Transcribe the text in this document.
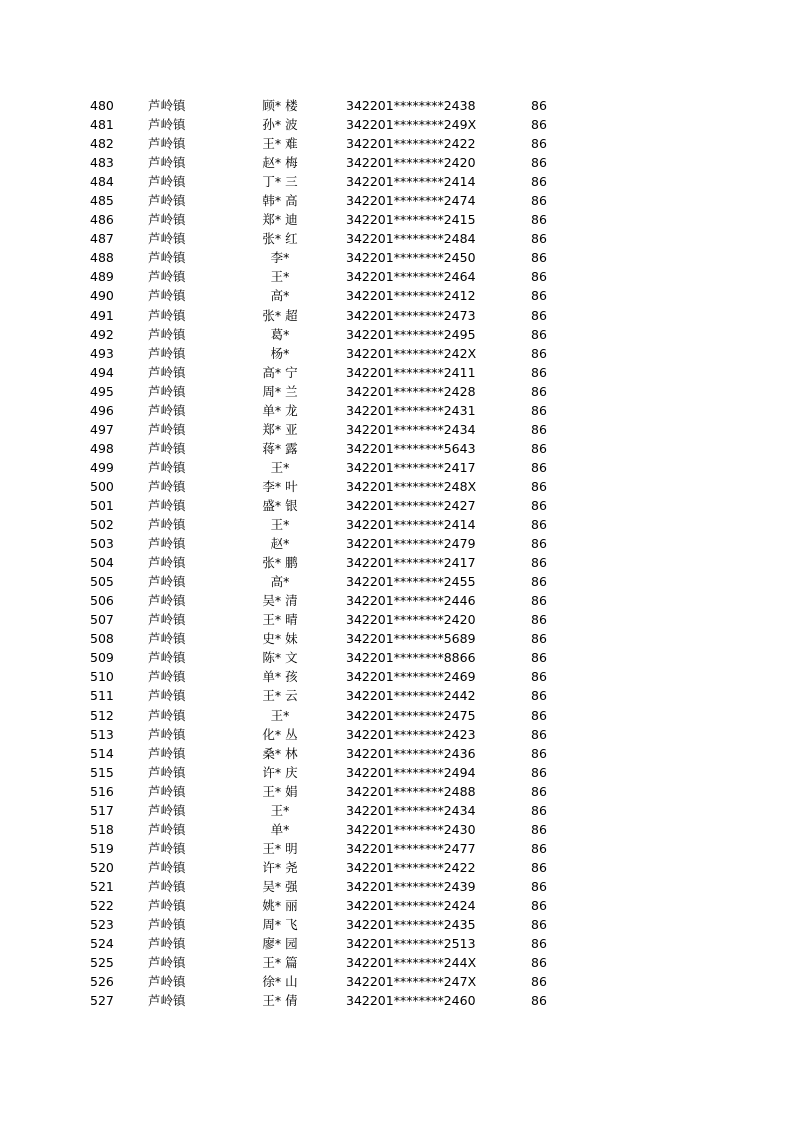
480	芦岭镇	顾* 楼	342201********2438	86
481	芦岭镇	孙* 波	342201********249X	86
482	芦岭镇	王* 难	342201********2422	86
483	芦岭镇	赵* 梅	342201********2420	86
484	芦岭镇	丁* 三	342201********2414	86
485	芦岭镇	韩* 高	342201********2474	86
486	芦岭镇	郑* 迪	342201********2415	86
487	芦岭镇	张* 红	342201********2484	86
488	芦岭镇	李*	342201********2450	86
489	芦岭镇	王*	342201********2464	86
490	芦岭镇	高*	342201********2412	86
491	芦岭镇	张* 超	342201********2473	86
492	芦岭镇	葛*	342201********2495	86
493	芦岭镇	杨*	342201********242X	86
494	芦岭镇	高* 宁	342201********2411	86
495	芦岭镇	周* 兰	342201********2428	86
496	芦岭镇	单* 龙	342201********2431	86
497	芦岭镇	郑* 亚	342201********2434	86
498	芦岭镇	蒋* 露	342201********5643	86
499	芦岭镇	王*	342201********2417	86
500	芦岭镇	李* 叶	342201********248X	86
501	芦岭镇	盛* 银	342201********2427	86
502	芦岭镇	王*	342201********2414	86
503	芦岭镇	赵*	342201********2479	86
504	芦岭镇	张* 鹏	342201********2417	86
505	芦岭镇	高*	342201********2455	86
506	芦岭镇	吴* 清	342201********2446	86
507	芦岭镇	王* 晴	342201********2420	86
508	芦岭镇	史* 妹	342201********5689	86
509	芦岭镇	陈* 文	342201********8866	86
510	芦岭镇	单* 孩	342201********2469	86
511	芦岭镇	王* 云	342201********2442	86
512	芦岭镇	王*	342201********2475	86
513	芦岭镇	化* 丛	342201********2423	86
514	芦岭镇	桑* 林	342201********2436	86
515	芦岭镇	许* 庆	342201********2494	86
516	芦岭镇	王* 娟	342201********2488	86
517	芦岭镇	王*	342201********2434	86
518	芦岭镇	单*	342201********2430	86
519	芦岭镇	王* 明	342201********2477	86
520	芦岭镇	许* 尧	342201********2422	86
521	芦岭镇	吴* 强	342201********2439	86
522	芦岭镇	姚* 丽	342201********2424	86
523	芦岭镇	周* 飞	342201********2435	86
524	芦岭镇	廖* 园	342201********2513	86
525	芦岭镇	王* 篇	342201********244X	86
526	芦岭镇	徐* 山	342201********247X	86
527	芦岭镇	王* 倩	342201********2460	86
